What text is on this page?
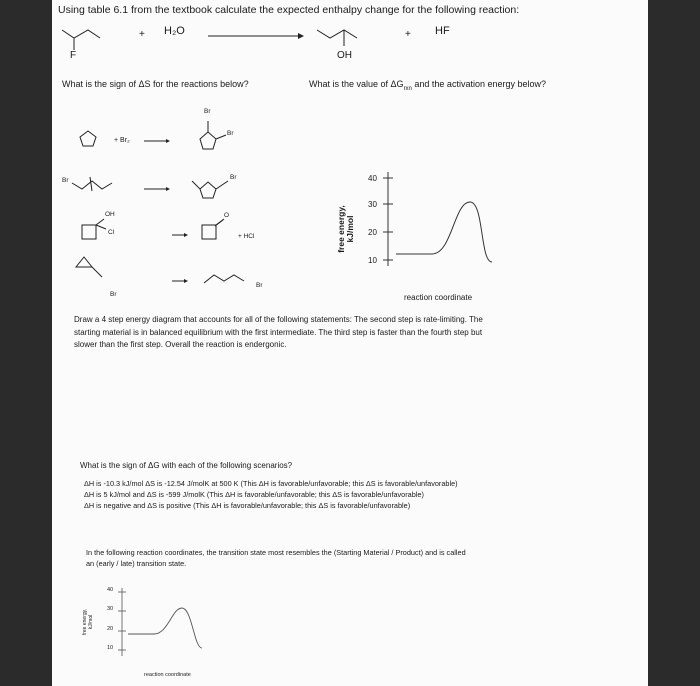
Using table 6.1 from the textbook calculate the expected enthalpy change for the following reaction:
+ H₂O	+ HF
F	OH
What is the sign of ΔS for the reactions below?	What is the value of $\Delta G_{rxn}$ and the activation energy below?
Br
Br
+ Br₂
Br	Br
OH
Cl
O
+ HCl
Br
Br
free energy, kJ/mol
40
30
20
10
reaction coordinate
Draw a 4 step energy diagram that accounts for all of the following statements: The second step is rate-limiting. The
starting material is in balanced equilibrium with the first intermediate. The third step is faster than the fourth step but
slower than the first step. Overall the reaction is endergonic.
What is the sign of ΔG with each of the following scenarios?
ΔH is -10.3 kJ/mol ΔS is -12.54 J/molK at 500 K (This ΔH is favorable/unfavorable; this ΔS is favorable/unfavorable)
ΔH is 5 kJ/mol and ΔS is -599 J/molK (This ΔH is favorable/unfavorable; this ΔS is favorable/unfavorable)
ΔH is negative and ΔS is positive (This ΔH is favorable/unfavorable; this ΔS is favorable/unfavorable)
In the following reaction coordinates, the transition state most resembles the (Starting Material / Product) and is called
an (early / late) transition state.
free energy, kJ/mol
40
30
20
10
reaction coordinate
